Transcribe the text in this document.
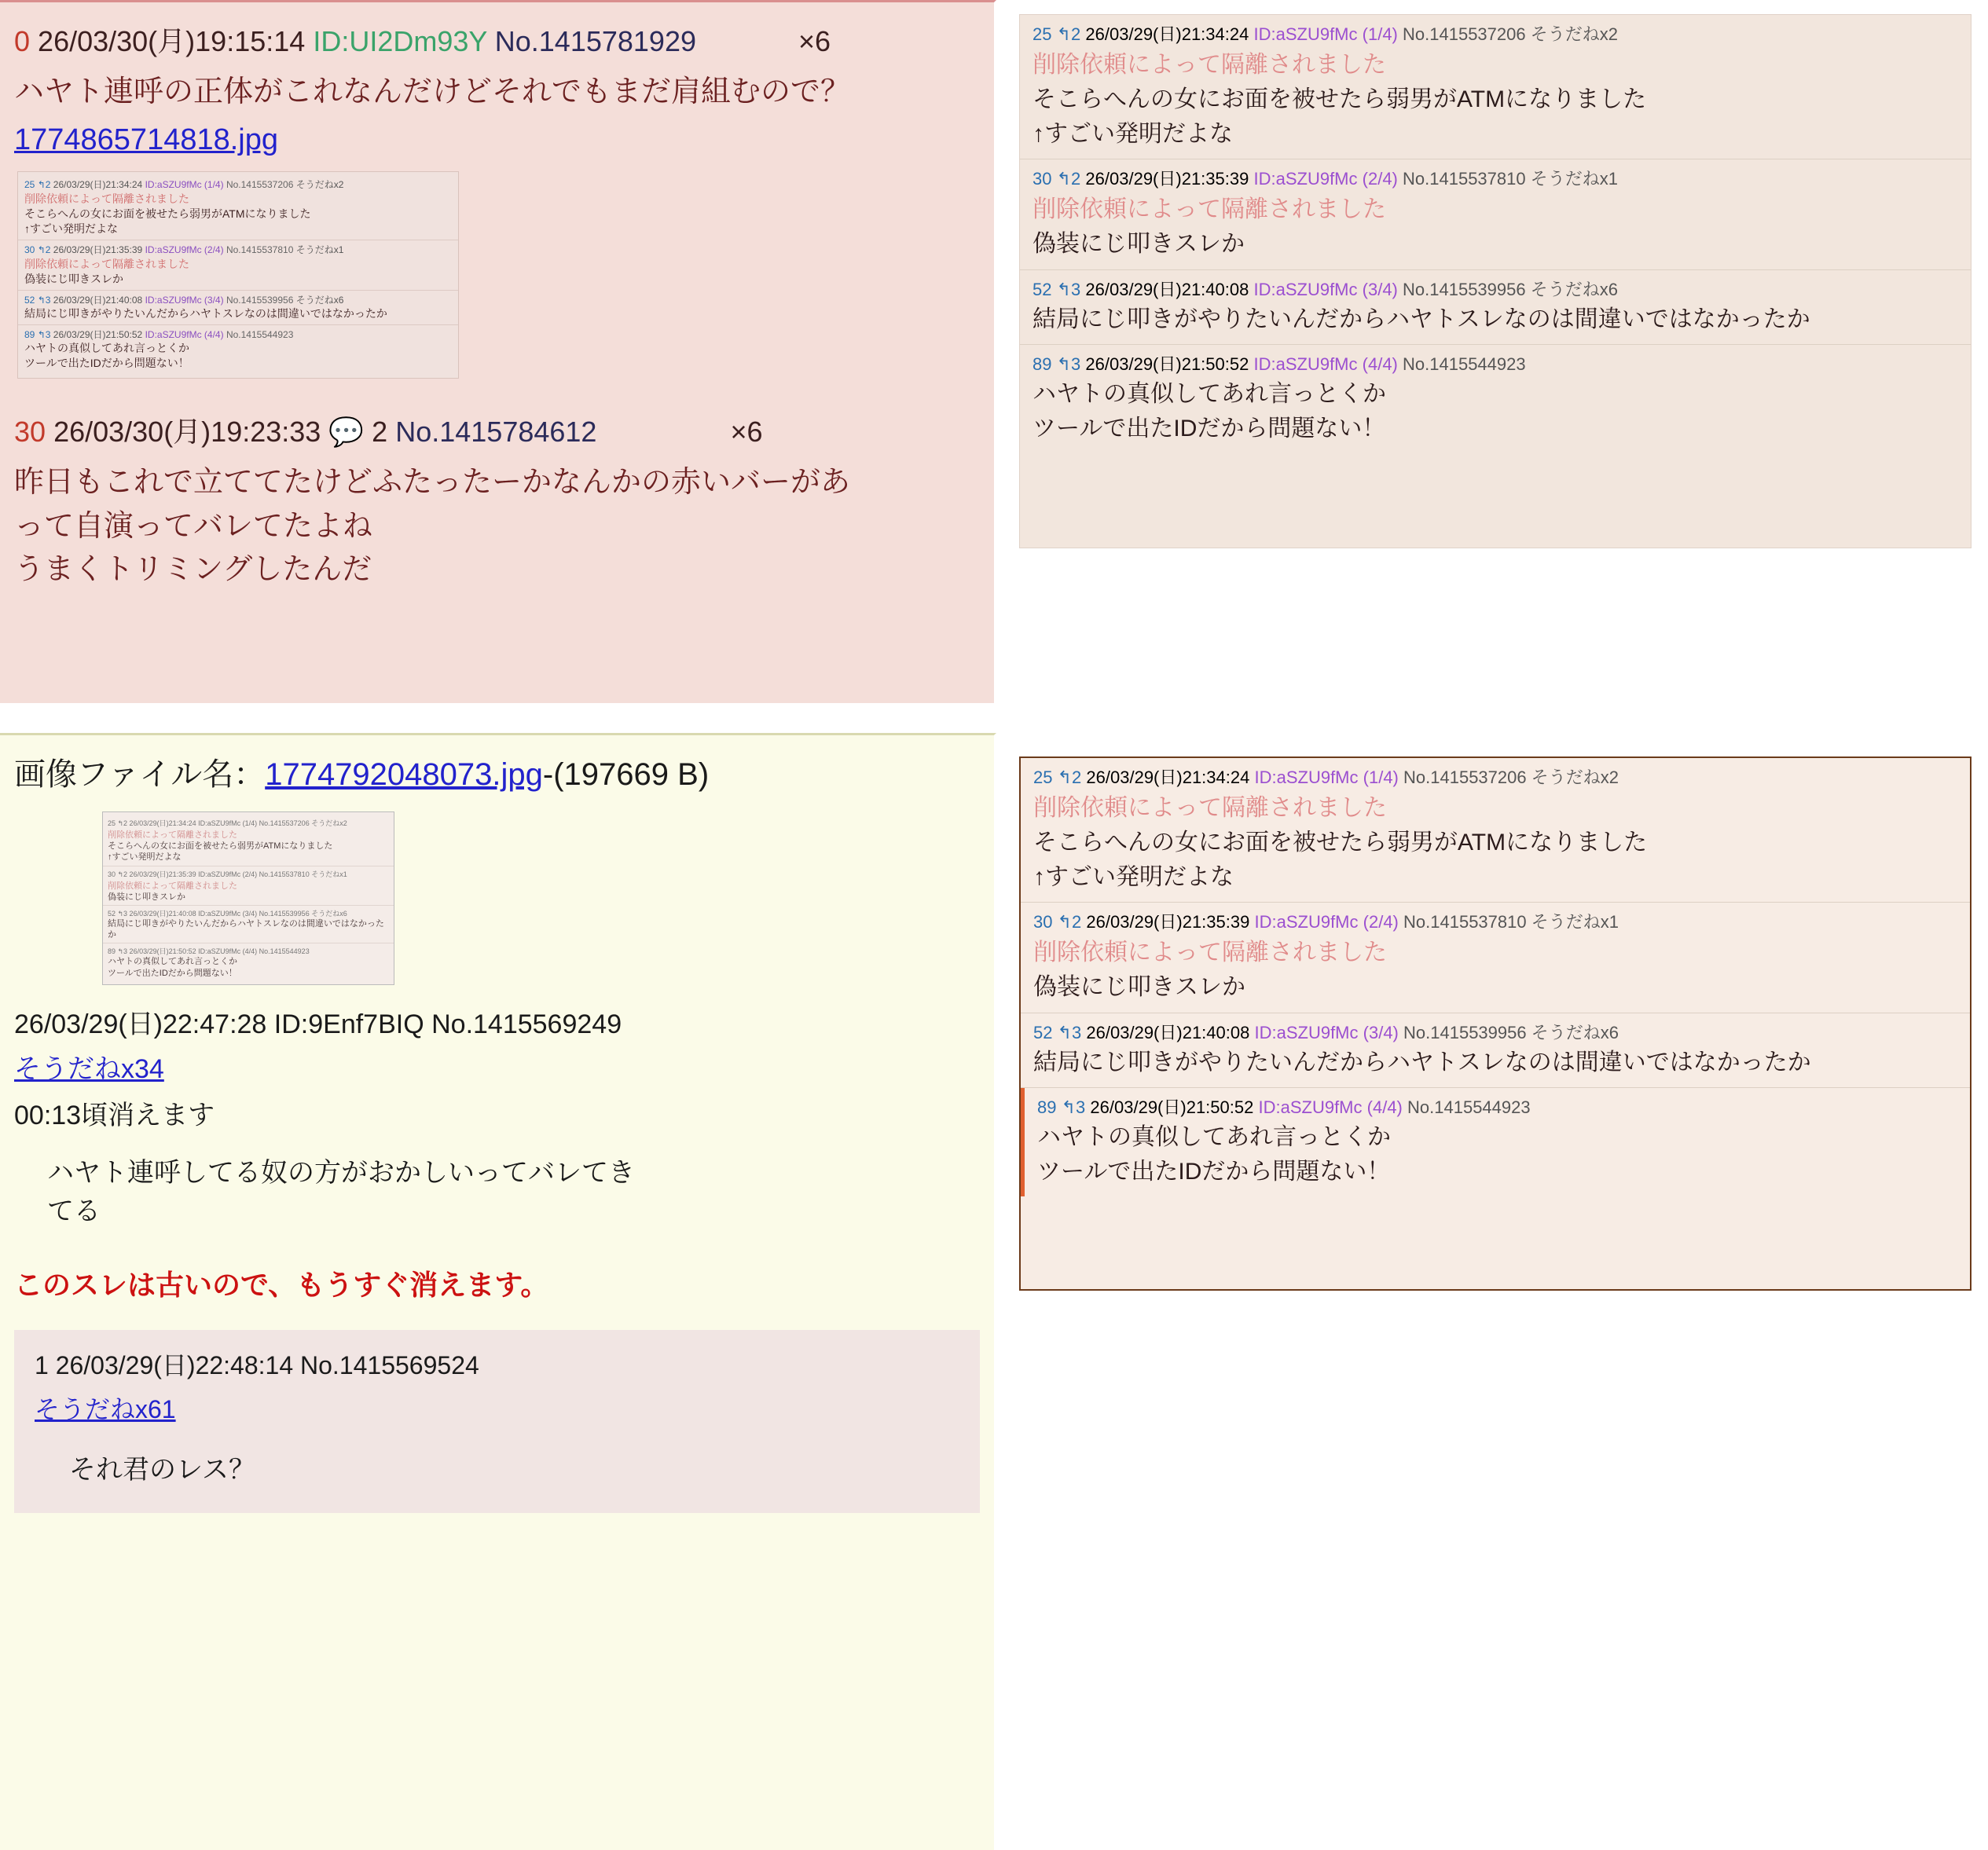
0 26/03/30(月)19:15:14 ID:UI2Dm93Y No.1415781929	×6
ハヤト連呼の正体がこれなんだけどそれでもまだ肩組むので？
1774865714818.jpg
25 ↰2 26/03/29(日)21:34:24 ID:aSZU9fMc (1/4) No.1415537206 そうだねx2
削除依頼によって隔離されました
そこらへんの女にお面を被せたら弱男がATMになりました
↑すごい発明だよな
30 ↰2 26/03/29(日)21:35:39 ID:aSZU9fMc (2/4) No.1415537810 そうだねx1
削除依頼によって隔離されました
偽装にじ叩きスレか
52 ↰3 26/03/29(日)21:40:08 ID:aSZU9fMc (3/4) No.1415539956 そうだねx6
結局にじ叩きがやりたいんだからハヤトスレなのは間違いではなかったか
89 ↰3 26/03/29(日)21:50:52 ID:aSZU9fMc (4/4) No.1415544923
ハヤトの真似してあれ言っとくか
ツールで出たIDだから問題ない！
30 26/03/30(月)19:23:33 💬 2 No.1415784612	×6
昨日もこれで立ててたけどふたったーかなんかの赤いバーがあ
って自演ってバレてたよね
うまくトリミングしたんだ
25 ↰2 26/03/29(日)21:34:24 ID:aSZU9fMc (1/4) No.1415537206 そうだねx2
削除依頼によって隔離されました
そこらへんの女にお面を被せたら弱男がATMになりました
↑すごい発明だよな
30 ↰2 26/03/29(日)21:35:39 ID:aSZU9fMc (2/4) No.1415537810 そうだねx1
削除依頼によって隔離されました
偽装にじ叩きスレか
52 ↰3 26/03/29(日)21:40:08 ID:aSZU9fMc (3/4) No.1415539956 そうだねx6
結局にじ叩きがやりたいんだからハヤトスレなのは間違いではなかったか
89 ↰3 26/03/29(日)21:50:52 ID:aSZU9fMc (4/4) No.1415544923
ハヤトの真似してあれ言っとくか
ツールで出たIDだから問題ない！
画像ファイル名：1774792048073.jpg-(197669 B)
25 ↰2 26/03/29(日)21:34:24 ID:aSZU9fMc (1/4) No.1415537206 そうだねx2
削除依頼によって隔離されました
そこらへんの女にお面を被せたら弱男がATMになりました
↑すごい発明だよな
30 ↰2 26/03/29(日)21:35:39 ID:aSZU9fMc (2/4) No.1415537810 そうだねx1
削除依頼によって隔離されました
偽装にじ叩きスレか
52 ↰3 26/03/29(日)21:40:08 ID:aSZU9fMc (3/4) No.1415539956 そうだねx6
結局にじ叩きがやりたいんだからハヤトスレなのは間違いではなかったか
89 ↰3 26/03/29(日)21:50:52 ID:aSZU9fMc (4/4) No.1415544923
ハヤトの真似してあれ言っとくか
ツールで出たIDだから問題ない！
26/03/29(日)22:47:28 ID:9Enf7BIQ No.1415569249
そうだねx34
00:13頃消えます
ハヤト連呼してる奴の方がおかしいってバレてき
てる
このスレは古いので、もうすぐ消えます。
1 26/03/29(日)22:48:14 No.1415569524
そうだねx61
それ君のレス？
25 ↰2 26/03/29(日)21:34:24 ID:aSZU9fMc (1/4) No.1415537206 そうだねx2
削除依頼によって隔離されました
そこらへんの女にお面を被せたら弱男がATMになりました
↑すごい発明だよな
30 ↰2 26/03/29(日)21:35:39 ID:aSZU9fMc (2/4) No.1415537810 そうだねx1
削除依頼によって隔離されました
偽装にじ叩きスレか
52 ↰3 26/03/29(日)21:40:08 ID:aSZU9fMc (3/4) No.1415539956 そうだねx6
結局にじ叩きがやりたいんだからハヤトスレなのは間違いではなかったか
89 ↰3 26/03/29(日)21:50:52 ID:aSZU9fMc (4/4) No.1415544923
ハヤトの真似してあれ言っとくか
ツールで出たIDだから問題ない！
